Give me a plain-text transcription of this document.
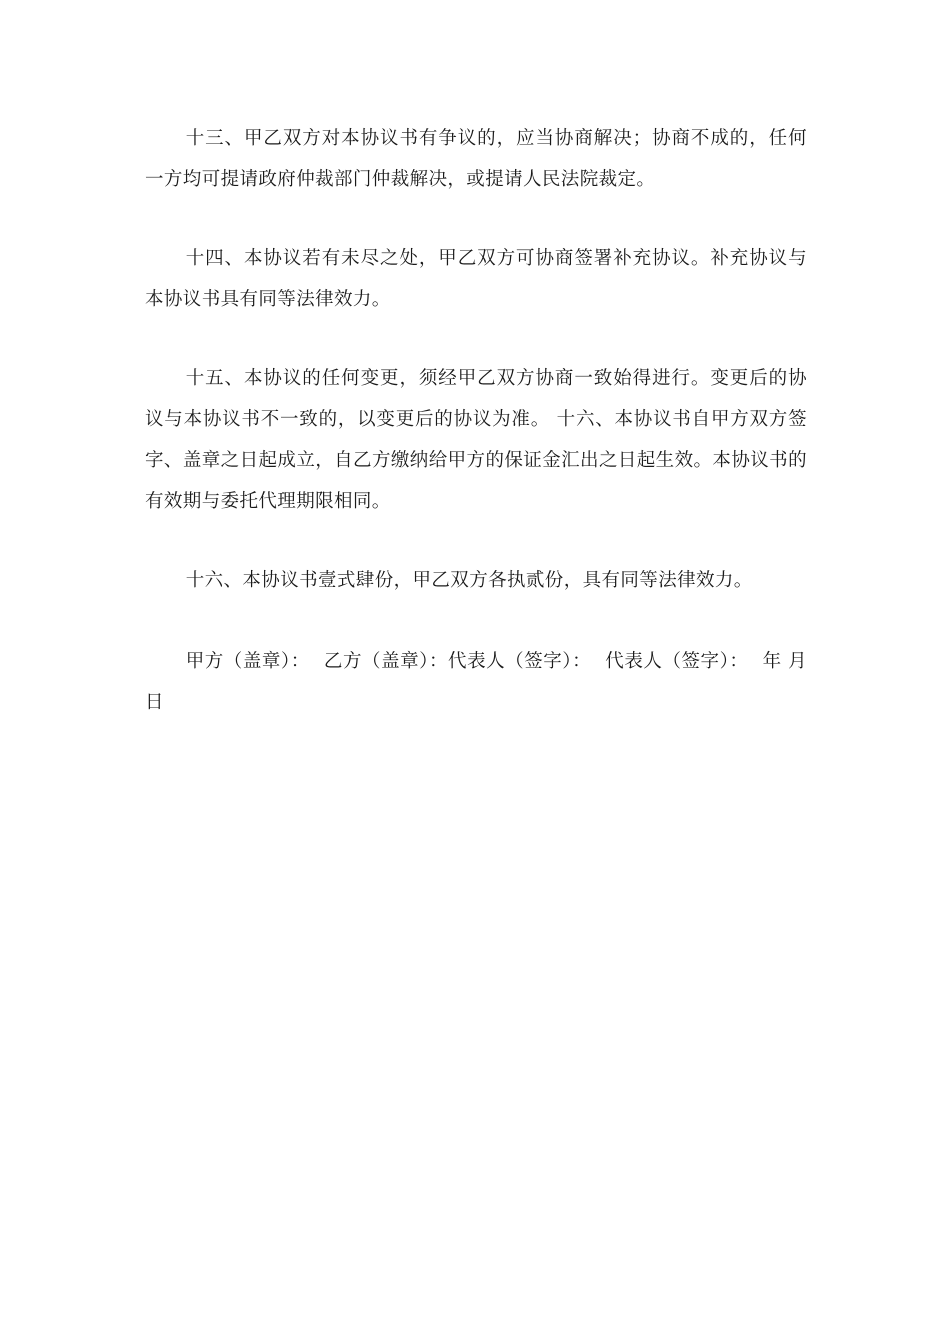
十三、甲乙双方对本协议书有争议的，应当协商解决；协商不成的，任何一方均可提请政府仲裁部门仲裁解决，或提请人民法院裁定。

十四、本协议若有未尽之处，甲乙双方可协商签署补充协议。补充协议与本协议书具有同等法律效力。

十五、本协议的任何变更，须经甲乙双方协商一致始得进行。变更后的协议与本协议书不一致的，以变更后的协议为准。 十六、本协议书自甲方双方签字、盖章之日起成立，自乙方缴纳给甲方的保证金汇出之日起生效。本协议书的有效期与委托代理期限相同。

十六、本协议书壹式肆份，甲乙双方各执贰份，具有同等法律效力。

甲方（盖章）： 乙方（盖章）：代表人（签字）： 代表人（签字）： 年 月 日
